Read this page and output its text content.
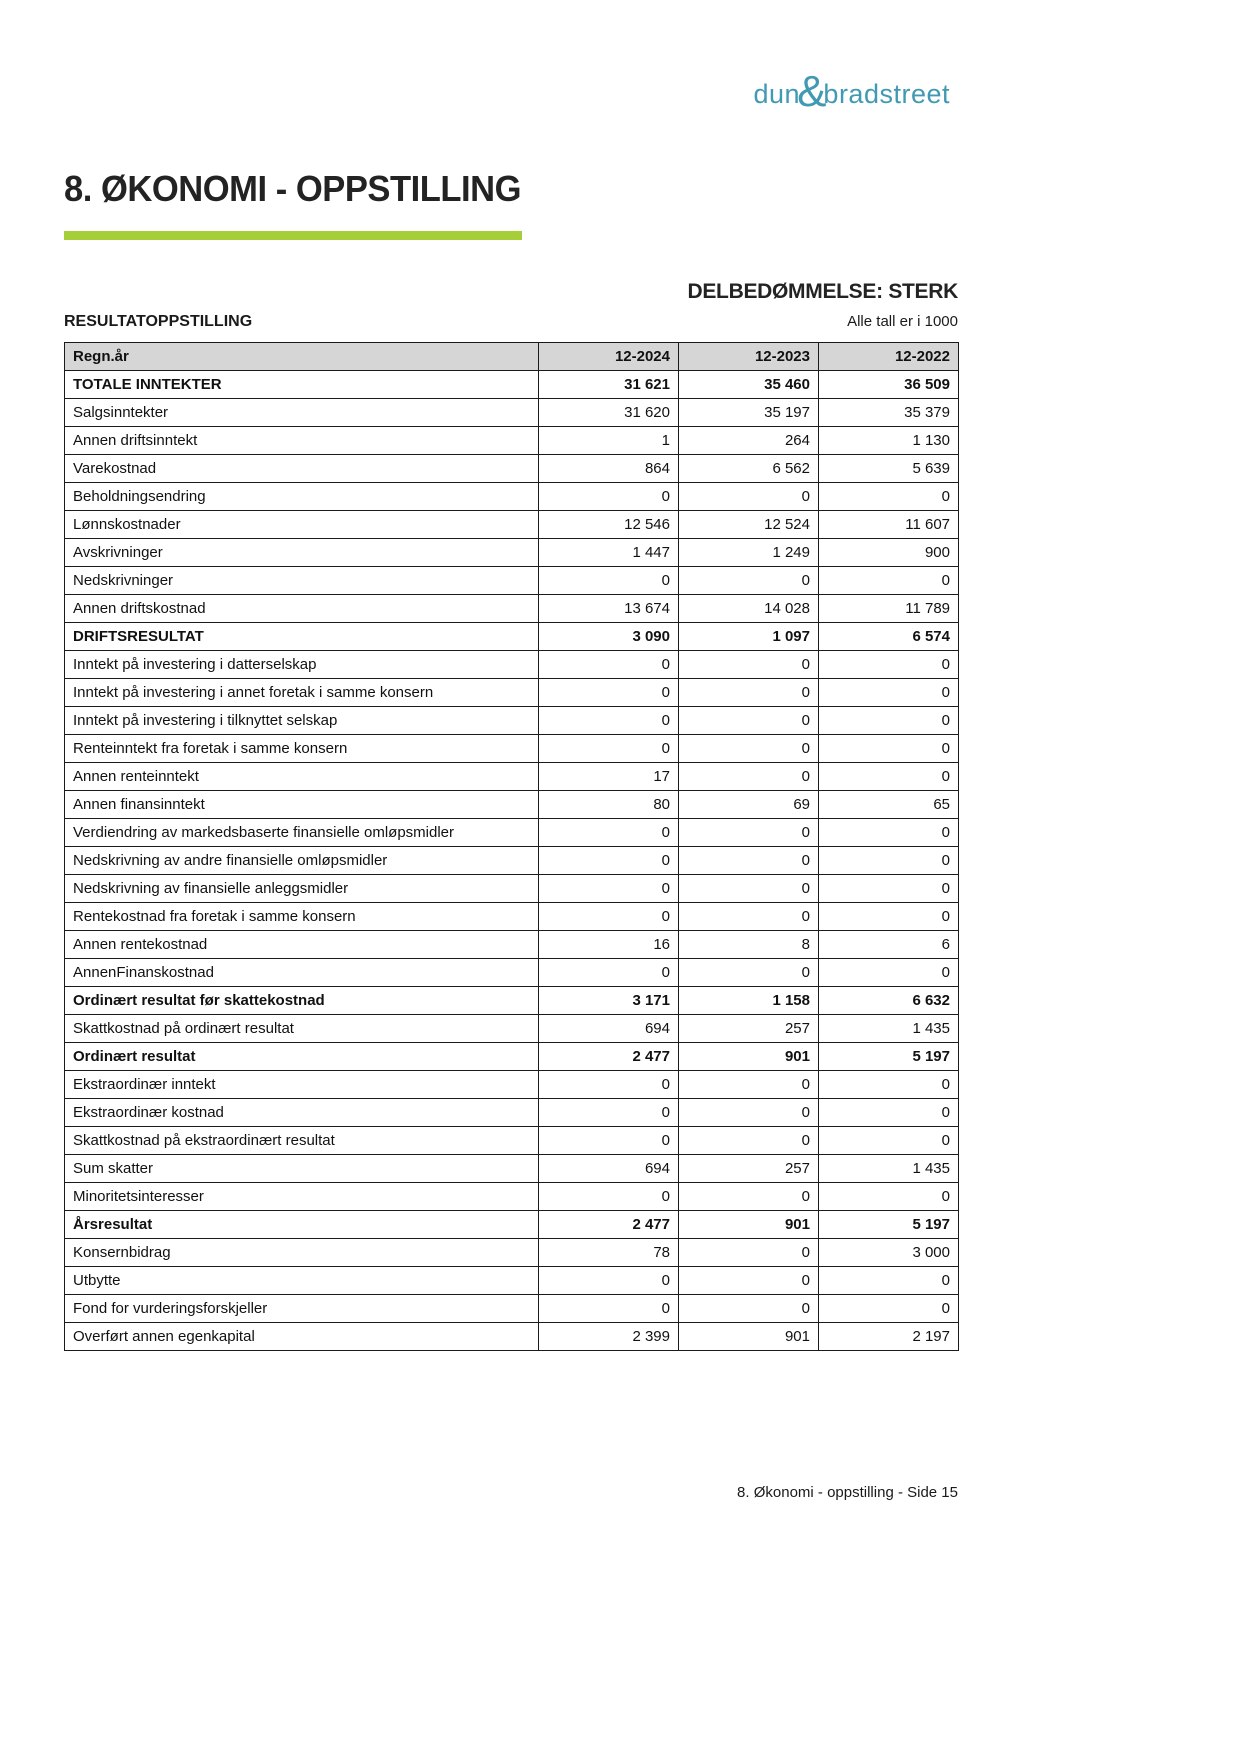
dun
&
bradstreet
8. ØKONOMI - OPPSTILLING
DELBEDØMMELSE: STERK
RESULTATOPPSTILLING	Alle tall er i 1000
Regn.år	12-2024	12-2023	12-2022
TOTALE INNTEKTER	31 621	35 460	36 509
Salgsinntekter	31 620	35 197	35 379
Annen driftsinntekt	1	264	1 130
Varekostnad	864	6 562	5 639
Beholdningsendring	0	0	0
Lønnskostnader	12 546	12 524	11 607
Avskrivninger	1 447	1 249	900
Nedskrivninger	0	0	0
Annen driftskostnad	13 674	14 028	11 789
DRIFTSRESULTAT	3 090	1 097	6 574
Inntekt på investering i datterselskap	0	0	0
Inntekt på investering i annet foretak i samme konsern	0	0	0
Inntekt på investering i tilknyttet selskap	0	0	0
Renteinntekt fra foretak i samme konsern	0	0	0
Annen renteinntekt	17	0	0
Annen finansinntekt	80	69	65
Verdiendring av markedsbaserte finansielle omløpsmidler	0	0	0
Nedskrivning av andre finansielle omløpsmidler	0	0	0
Nedskrivning av finansielle anleggsmidler	0	0	0
Rentekostnad fra foretak i samme konsern	0	0	0
Annen rentekostnad	16	8	6
AnnenFinanskostnad	0	0	0
Ordinært resultat før skattekostnad	3 171	1 158	6 632
Skattkostnad på ordinært resultat	694	257	1 435
Ordinært resultat	2 477	901	5 197
Ekstraordinær inntekt	0	0	0
Ekstraordinær kostnad	0	0	0
Skattkostnad på ekstraordinært resultat	0	0	0
Sum skatter	694	257	1 435
Minoritetsinteresser	0	0	0
Årsresultat	2 477	901	5 197
Konsernbidrag	78	0	3 000
Utbytte	0	0	0
Fond for vurderingsforskjeller	0	0	0
Overført annen egenkapital	2 399	901	2 197
8. Økonomi - oppstilling - Side 15
